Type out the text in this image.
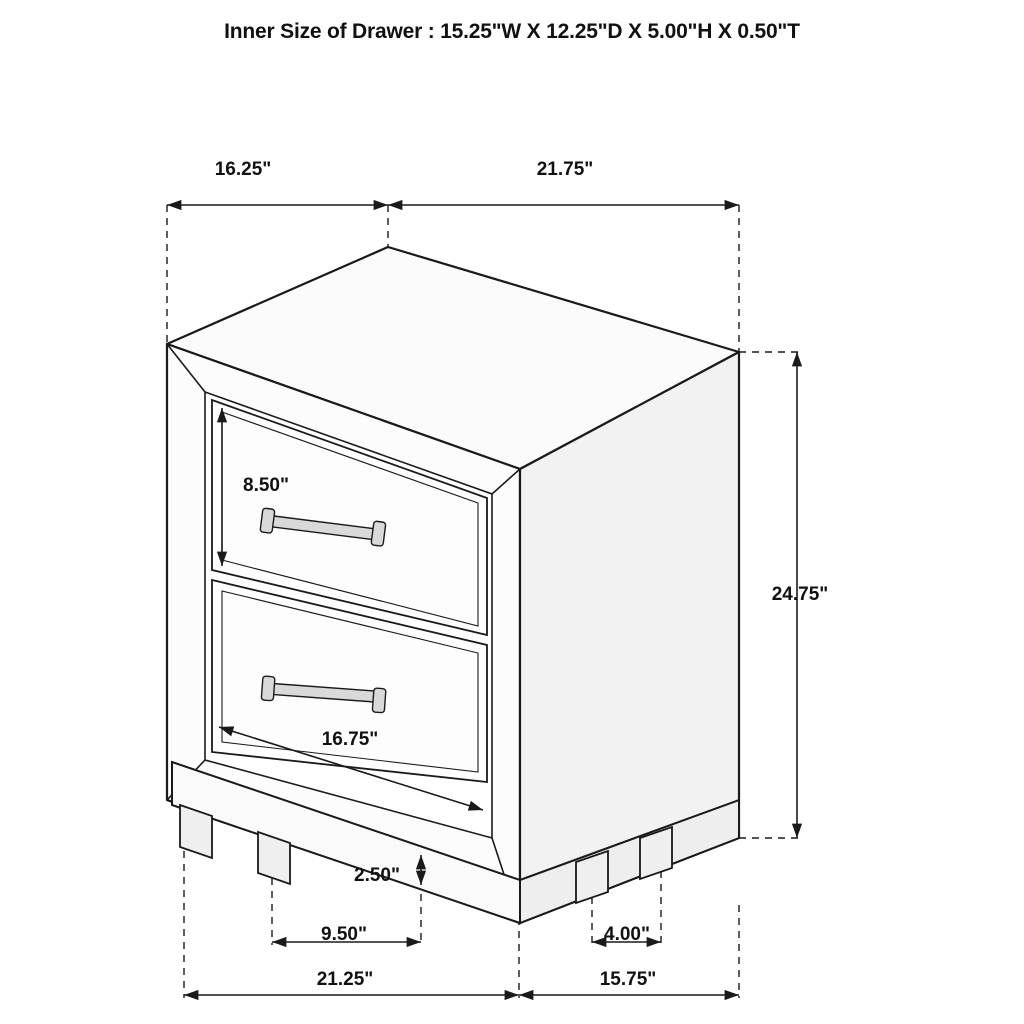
Inner Size of Drawer : 15.25"W X 12.25"D X 5.00"H X 0.50"T
16.25"	21.75"
8.50"
24.75"
16.75"
2.50"
9.50"	4.00"
21.25"	15.75"
